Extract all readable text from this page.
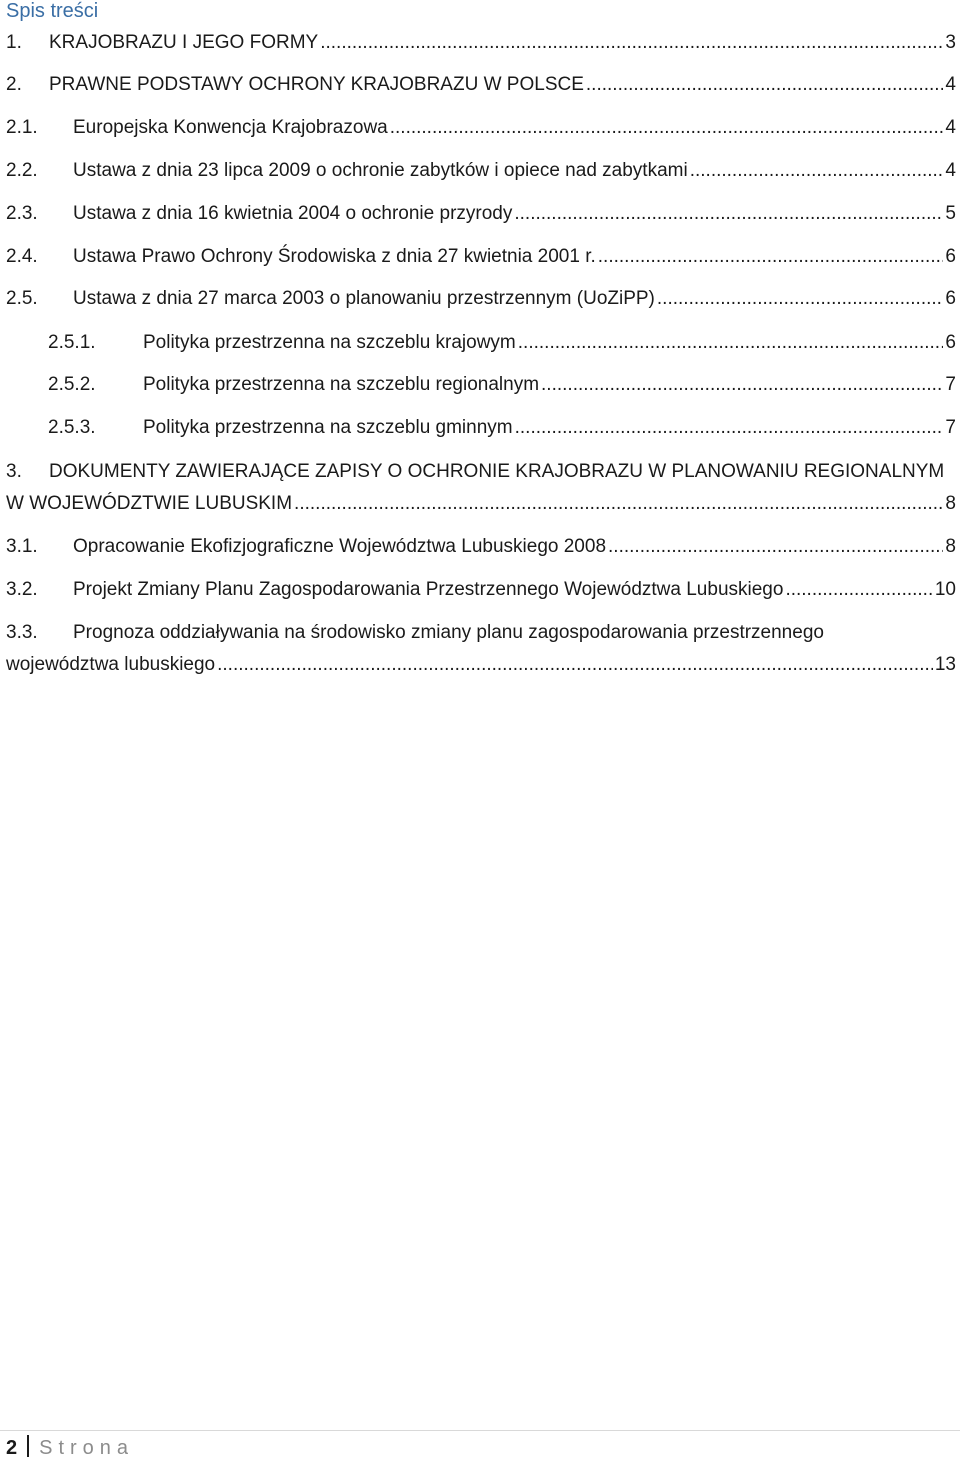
Spis treści
1.	KRAJOBRAZU I JEGO FORMY .....	3
2.	PRAWNE PODSTAWY OCHRONY KRAJOBRAZU W POLSCE .....	4
2.1.	Europejska Konwencja Krajobrazowa .....	4
2.2.	Ustawa z dnia 23 lipca 2009 o ochronie zabytków i opiece nad zabytkami .....	4
2.3.	Ustawa z dnia 16 kwietnia 2004 o ochronie przyrody .....	5
2.4.	Ustawa Prawo Ochrony Środowiska z dnia 27 kwietnia 2001 r. .....	6
2.5.	Ustawa z dnia 27 marca 2003 o planowaniu przestrzennym (UoZiPP) .....	6
2.5.1.	Polityka przestrzenna na szczeblu krajowym .....	6
2.5.2.	Polityka przestrzenna na szczeblu regionalnym .....	7
2.5.3.	Polityka przestrzenna na szczeblu gminnym .....	7
3. DOKUMENTY ZAWIERAJĄCE ZAPISY O OCHRONIE KRAJOBRAZU W PLANOWANIU REGIONALNYM
W WOJEWÓDZTWIE LUBUSKIM .....	8
3.1.	Opracowanie Ekofizjograficzne Województwa Lubuskiego 2008 .....	8
3.2.	Projekt Zmiany Planu Zagospodarowania Przestrzennego Województwa Lubuskiego .....	10
3.3. Prognoza oddziaływania na środowisko zmiany planu zagospodarowania przestrzennego
województwa lubuskiego .....	13
2 Strona
